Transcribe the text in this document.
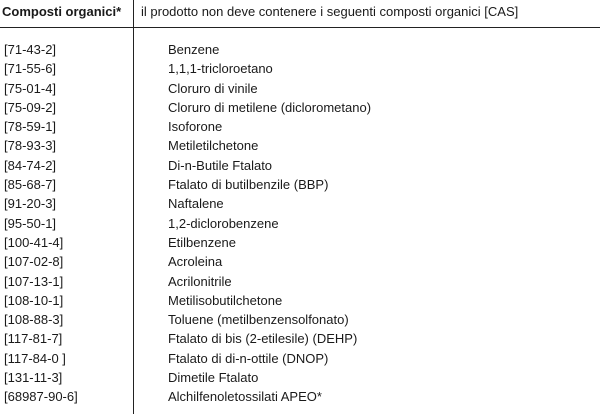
Composti organici* il prodotto non deve contenere i seguenti composti organici [CAS]
[71-43-2]	Benzene
[71-55-6]	1,1,1-tricloroetano
[75-01-4]	Cloruro di vinile
[75-09-2]	Cloruro di metilene (diclorometano)
[78-59-1]	Isoforone
[78-93-3]	Metiletilchetone
[84-74-2]	Di-n-Butile Ftalato
[85-68-7]	Ftalato di butilbenzile (BBP)
[91-20-3]	Naftalene
[95-50-1]	1,2-diclorobenzene
[100-41-4]	Etilbenzene
[107-02-8]	Acroleina
[107-13-1]	Acrilonitrile
[108-10-1]	Metilisobutilchetone
[108-88-3]	Toluene (metilbenzensolfonato)
[117-81-7]	Ftalato di bis (2-etilesile) (DEHP)
[117-84-0 ]	Ftalato di di-n-ottile (DNOP)
[131-11-3]	Dimetile Ftalato
[68987-90-6]	Alchilfenoletossilati APEO*
